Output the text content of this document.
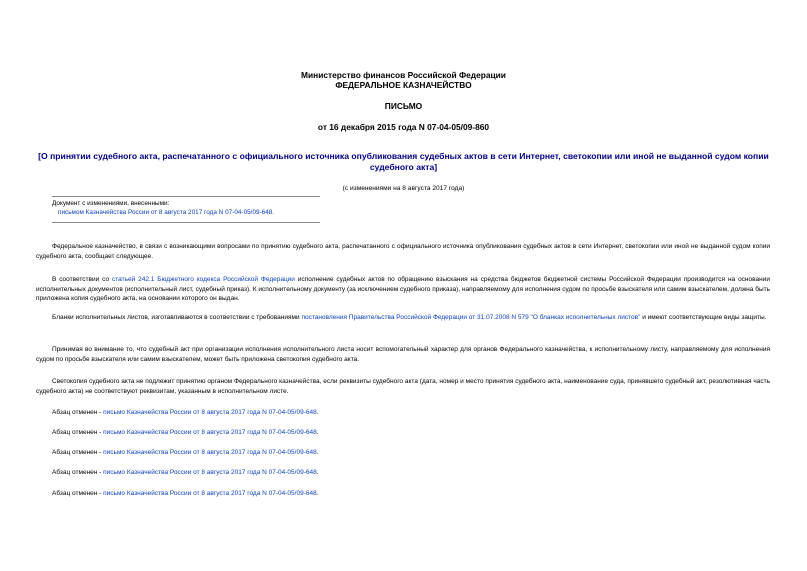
Министерство финансов Российской Федерации
ФЕДЕРАЛЬНОЕ КАЗНАЧЕЙСТВО
ПИСЬМО
от 16 декабря 2015 года N 07-04-05/09-860
[О принятии судебного акта, распечатанного с официального источника опубликования судебных актов в сети Интернет, светокопии или иной не выданной судом копии судебного акта]
(с изменениями на 8 августа 2017 года)
Документ с изменениями, внесенными:
письмом Казначейства России от 8 августа 2017 года N 07-04-05/09-648.
Федеральное казначейство, в связи с возникающими вопросами по принятию судебного акта, распечатанного с официального источника опубликования судебных актов в сети Интернет, светокопии или иной не выданной судом копии судебного акта, сообщает следующее.
В соответствии со статьей 242.1 Бюджетного кодекса Российской Федерации исполнение судебных актов по обращению взыскания на средства бюджетов бюджетной системы Российской Федерации производится на основании исполнительных документов (исполнительный лист, судебный приказ). К исполнительному документу (за исключением судебного приказа), направляемому для исполнения судом по просьбе взыскателя или самим взыскателем, должна быть приложена копия судебного акта, на основании которого он выдан.
Бланки исполнительных листов, изготавливаются в соответствии с требованиями постановления Правительства Российской Федерации от 31.07.2008 N 579 "О бланках исполнительных листов" и имеют соответствующие виды защиты.
Принимая во внимание то, что судебный акт при организации исполнения исполнительного листа носит вспомогательный характер для органов Федерального казначейства, к исполнительному листу, направляемому для исполнения судом по просьбе взыскателя или самим взыскателем, может быть приложена светокопия судебного акта.
Светокопия судебного акта не подлежит принятию органом Федерального казначейства, если реквизиты судебного акта (дата, номер и место принятия судебного акта, наименование суда, принявшего судебный акт, резолютивная часть судебного акта) не соответствуют реквизитам, указанным в исполнительном листе.
Абзац отменен - письмо Казначейства России от 8 августа 2017 года N 07-04-05/09-648.
Абзац отменен - письмо Казначейства России от 8 августа 2017 года N 07-04-05/09-648.
Абзац отменен - письмо Казначейства России от 8 августа 2017 года N 07-04-05/09-648.
Абзац отменен - письмо Казначейства России от 8 августа 2017 года N 07-04-05/09-648.
Абзац отменен - письмо Казначейства России от 8 августа 2017 года N 07-04-05/09-648.
